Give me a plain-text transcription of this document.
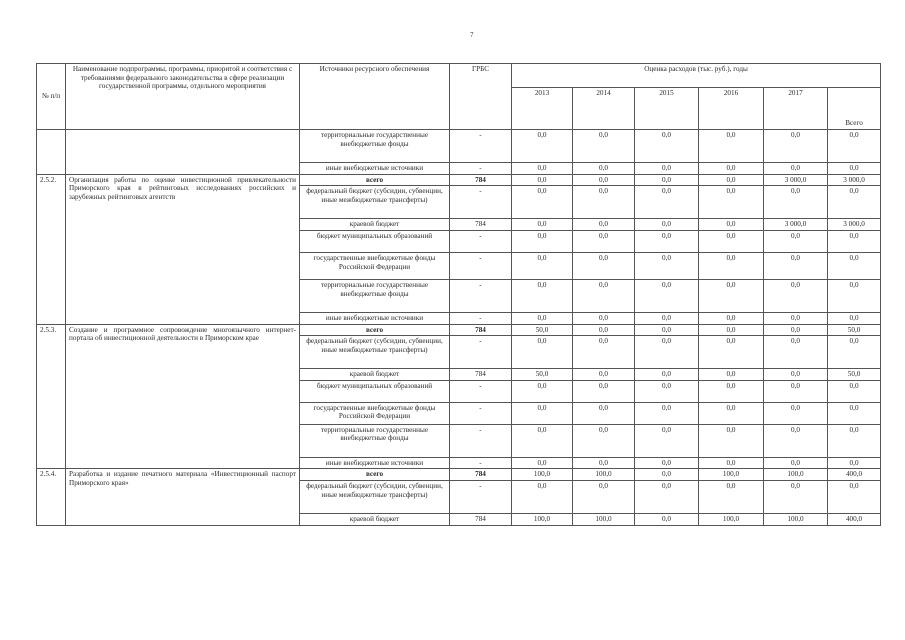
7
№ п/п	Наименование подпрограммы, программы, приоритой и соответствия с требованиями федерального законодательства в сфере реализации государственной программы, отдельного мероприятия	Источники ресурсного обеспечения	ГРБС	Оценка расходов (тыс. руб.), годы					
				2013	2014	2015	2016	2017	Всего
		территориальные государственные внебюджетные фонды	-	0,0	0,0	0,0	0,0	0,0	0,0
		иные внебюджетные источники	-	0,0	0,0	0,0	0,0	0,0	0,0
2.5.2.	Организация работы по оценке инвестиционной привлекательности Приморского края в рейтинговых исследованиях российских и зарубежных рейтинговых агентств	всего	784	0,0	0,0	0,0	0,0	3 000,0	3 000,0
		федеральный бюджет (субсидии, субвенции, иные межбюджетные трансферты)	-	0,0	0,0	0,0	0,0	0,0	0,0
		краевой бюджет	784	0,0	0,0	0,0	0,0	3 000,0	3 000,0
		бюджет муниципальных образований	-	0,0	0,0	0,0	0,0	0,0	0,0
		государственные внебюджетные фонды Российской Федерации	-	0,0	0,0	0,0	0,0	0,0	0,0
		территориальные государственные внебюджетные фонды	-	0,0	0,0	0,0	0,0	0,0	0,0
		иные внебюджетные источники	-	0,0	0,0	0,0	0,0	0,0	0,0
2.5.3.	Создание и программное сопровождение многоязычного интернет-портала об инвестиционной деятельности в Приморском крае	всего	784	50,0	0,0	0,0	0,0	0,0	50,0
		федеральный бюджет (субсидии, субвенции, иные межбюджетные трансферты)	-	0,0	0,0	0,0	0,0	0,0	0,0
		краевой бюджет	784	50,0	0,0	0,0	0,0	0,0	50,0
		бюджет муниципальных образований	-	0,0	0,0	0,0	0,0	0,0	0,0
		государственные внебюджетные фонды Российской Федерации	-	0,0	0,0	0,0	0,0	0,0	0,0
		территориальные государственные внебюджетные фонды	-	0,0	0,0	0,0	0,0	0,0	0,0
		иные внебюджетные источники	-	0,0	0,0	0,0	0,0	0,0	0,0
2.5.4.	Разработка и издание печатного материала «Инвестиционный паспорт Приморского края»	всего	784	100,0	100,0	0,0	100,0	100,0	400,0
		федеральный бюджет (субсидии, субвенции, иные межбюджетные трансферты)	-	0,0	0,0	0,0	0,0	0,0	0,0
		краевой бюджет	784	100,0	100,0	0,0	100,0	100,0	400,0
